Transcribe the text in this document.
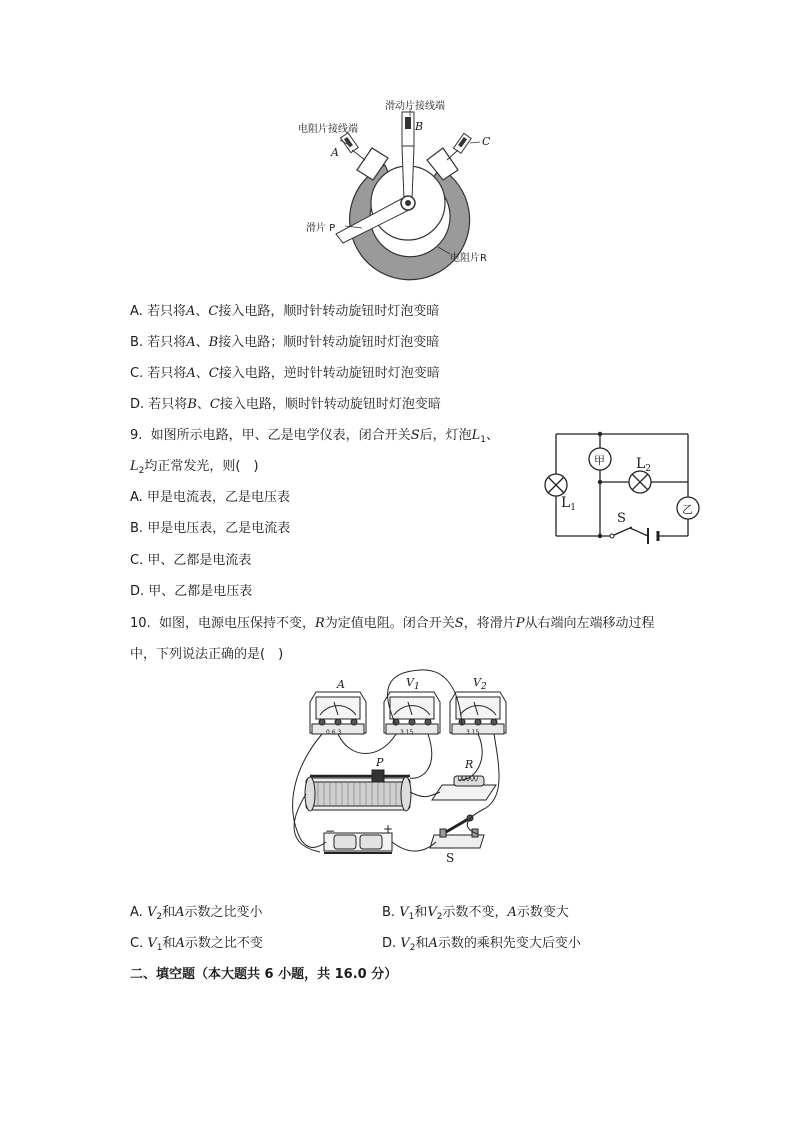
滑动片接线端
电阻片接线端	B
A
C
滑片 P
电阻片R
A. 若只将A、C接入电路，顺时针转动旋钮时灯泡变暗
B. 若只将A、B接入电路；顺时针转动旋钮时灯泡变暗
C. 若只将A、C接入电路，逆时针转动旋钮时灯泡变暗
D. 若只将B、C接入电路，顺时针转动旋钮时灯泡变暗
9. 如图所示电路，甲、乙是电学仪表，闭合开关S后，灯泡$L_1$、
$L_2$均正常发光，则(　)
A. 甲是电流表，乙是电压表
B. 甲是电压表，乙是电流表
C. 甲、乙都是电流表
D. 甲、乙都是电压表
甲
乙
$L_1$
$L_2$
S
10. 如图，电源电压保持不变，R为定值电阻。闭合开关S，将滑片P从右端向左端移动过程
中，下列说法正确的是(　)
A	$V_1$	$V_2$
0.6 3	3 15	3 15
P	R
−	+
S
A. $V_2$和A示数之比变小	B. $V_1$和$V_2$示数不变，A示数变大
C. $V_1$和A示数之比不变	D. $V_2$和A示数的乘积先变大后变小
二、填空题（本大题共 6 小题，共 16.0 分）
